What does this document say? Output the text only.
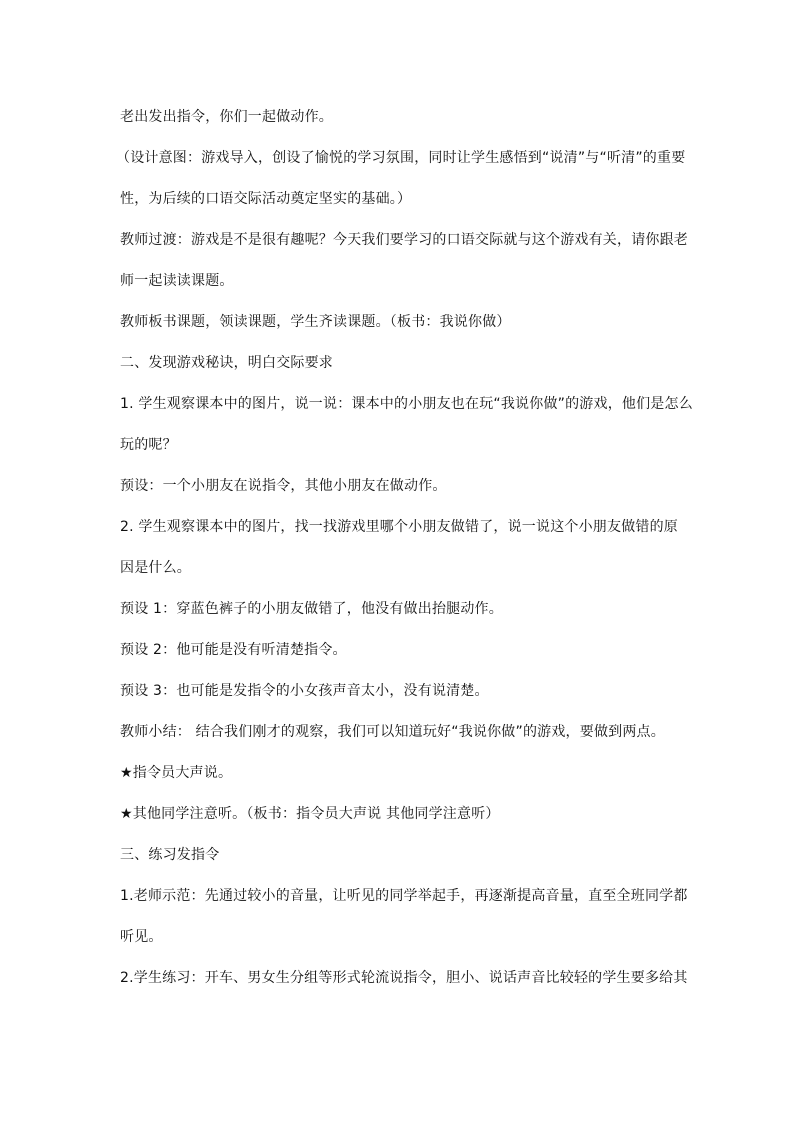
老出发出指令，你们一起做动作。
（设计意图：游戏导入，创设了愉悦的学习氛围，同时让学生感悟到“说清”与“听清”的重要
性，为后续的口语交际活动奠定坚实的基础。）
教师过渡：游戏是不是很有趣呢？今天我们要学习的口语交际就与这个游戏有关，请你跟老
师一起读读课题。
教师板书课题，领读课题，学生齐读课题。（板书：我说你做）
二、发现游戏秘诀，明白交际要求
1. 学生观察课本中的图片，说一说：课本中的小朋友也在玩“我说你做”的游戏，他们是怎么
玩的呢？
预设：一个小朋友在说指令，其他小朋友在做动作。
2. 学生观察课本中的图片，找一找游戏里哪个小朋友做错了，说一说这个小朋友做错的原
因是什么。
预设 1：穿蓝色裤子的小朋友做错了，他没有做出抬腿动作。
预设 2：他可能是没有听清楚指令。
预设 3：也可能是发指令的小女孩声音太小，没有说清楚。
教师小结： 结合我们刚才的观察，我们可以知道玩好“我说你做”的游戏，要做到两点。
★指令员大声说。
★其他同学注意听。（板书：指令员大声说 其他同学注意听）
三、练习发指令
1.老师示范：先通过较小的音量，让听见的同学举起手，再逐渐提高音量，直至全班同学都
听见。
2.学生练习：开车、男女生分组等形式轮流说指令，胆小、说话声音比较轻的学生要多给其
